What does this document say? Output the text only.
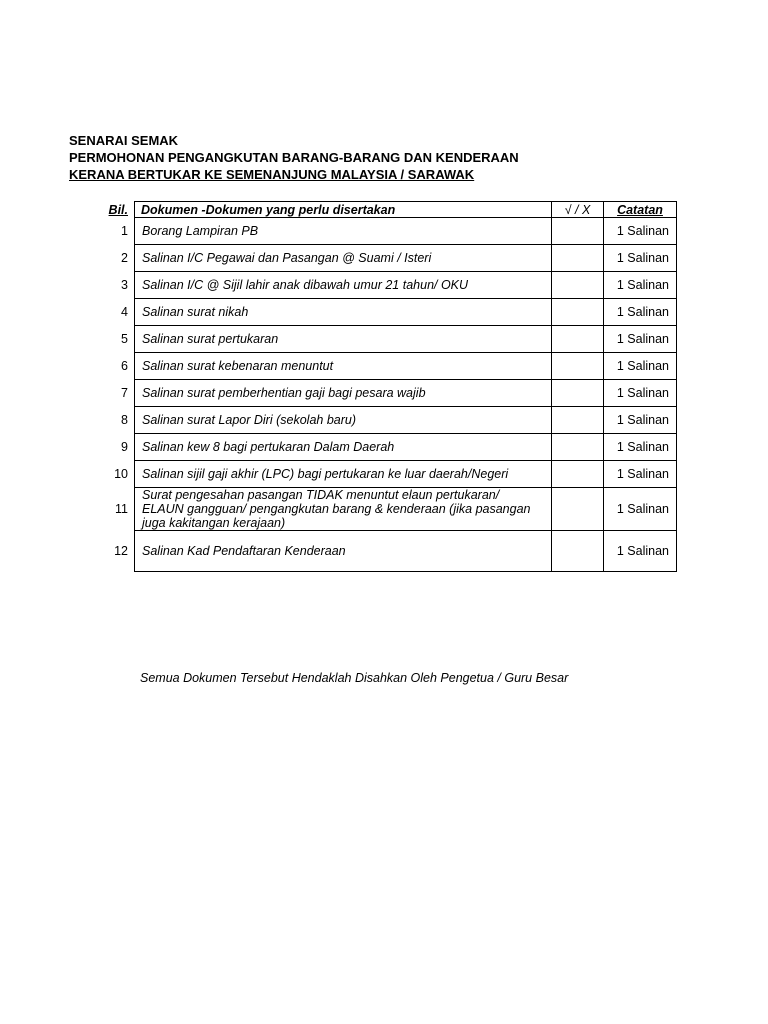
SENARAI SEMAK
PERMOHONAN PENGANGKUTAN BARANG-BARANG DAN KENDERAAN
KERANA BERTUKAR KE SEMENANJUNG MALAYSIA / SARAWAK
Bil.	Dokumen -Dokumen yang perlu disertakan	√ / X	Catatan
1	Borang Lampiran PB		1 Salinan
2	Salinan I/C Pegawai dan Pasangan @ Suami / Isteri		1 Salinan
3	Salinan I/C @ Sijil lahir anak dibawah umur 21 tahun/ OKU		1 Salinan
4	Salinan surat nikah		1 Salinan
5	Salinan surat pertukaran		1 Salinan
6	Salinan surat kebenaran menuntut		1 Salinan
7	Salinan surat pemberhentian gaji bagi pesara wajib		1 Salinan
8	Salinan surat Lapor Diri (sekolah baru)		1 Salinan
9	Salinan kew 8 bagi pertukaran Dalam Daerah		1 Salinan
10	Salinan sijil gaji akhir (LPC) bagi pertukaran ke luar daerah/Negeri		1 Salinan
11	Surat pengesahan pasangan TIDAK menuntut elaun pertukaran/ ELAUN gangguan/ pengangkutan barang & kenderaan (jika pasangan juga kakitangan kerajaan)		1 Salinan
12	Salinan Kad Pendaftaran Kenderaan		1 Salinan
Semua Dokumen Tersebut Hendaklah Disahkan Oleh Pengetua / Guru Besar
